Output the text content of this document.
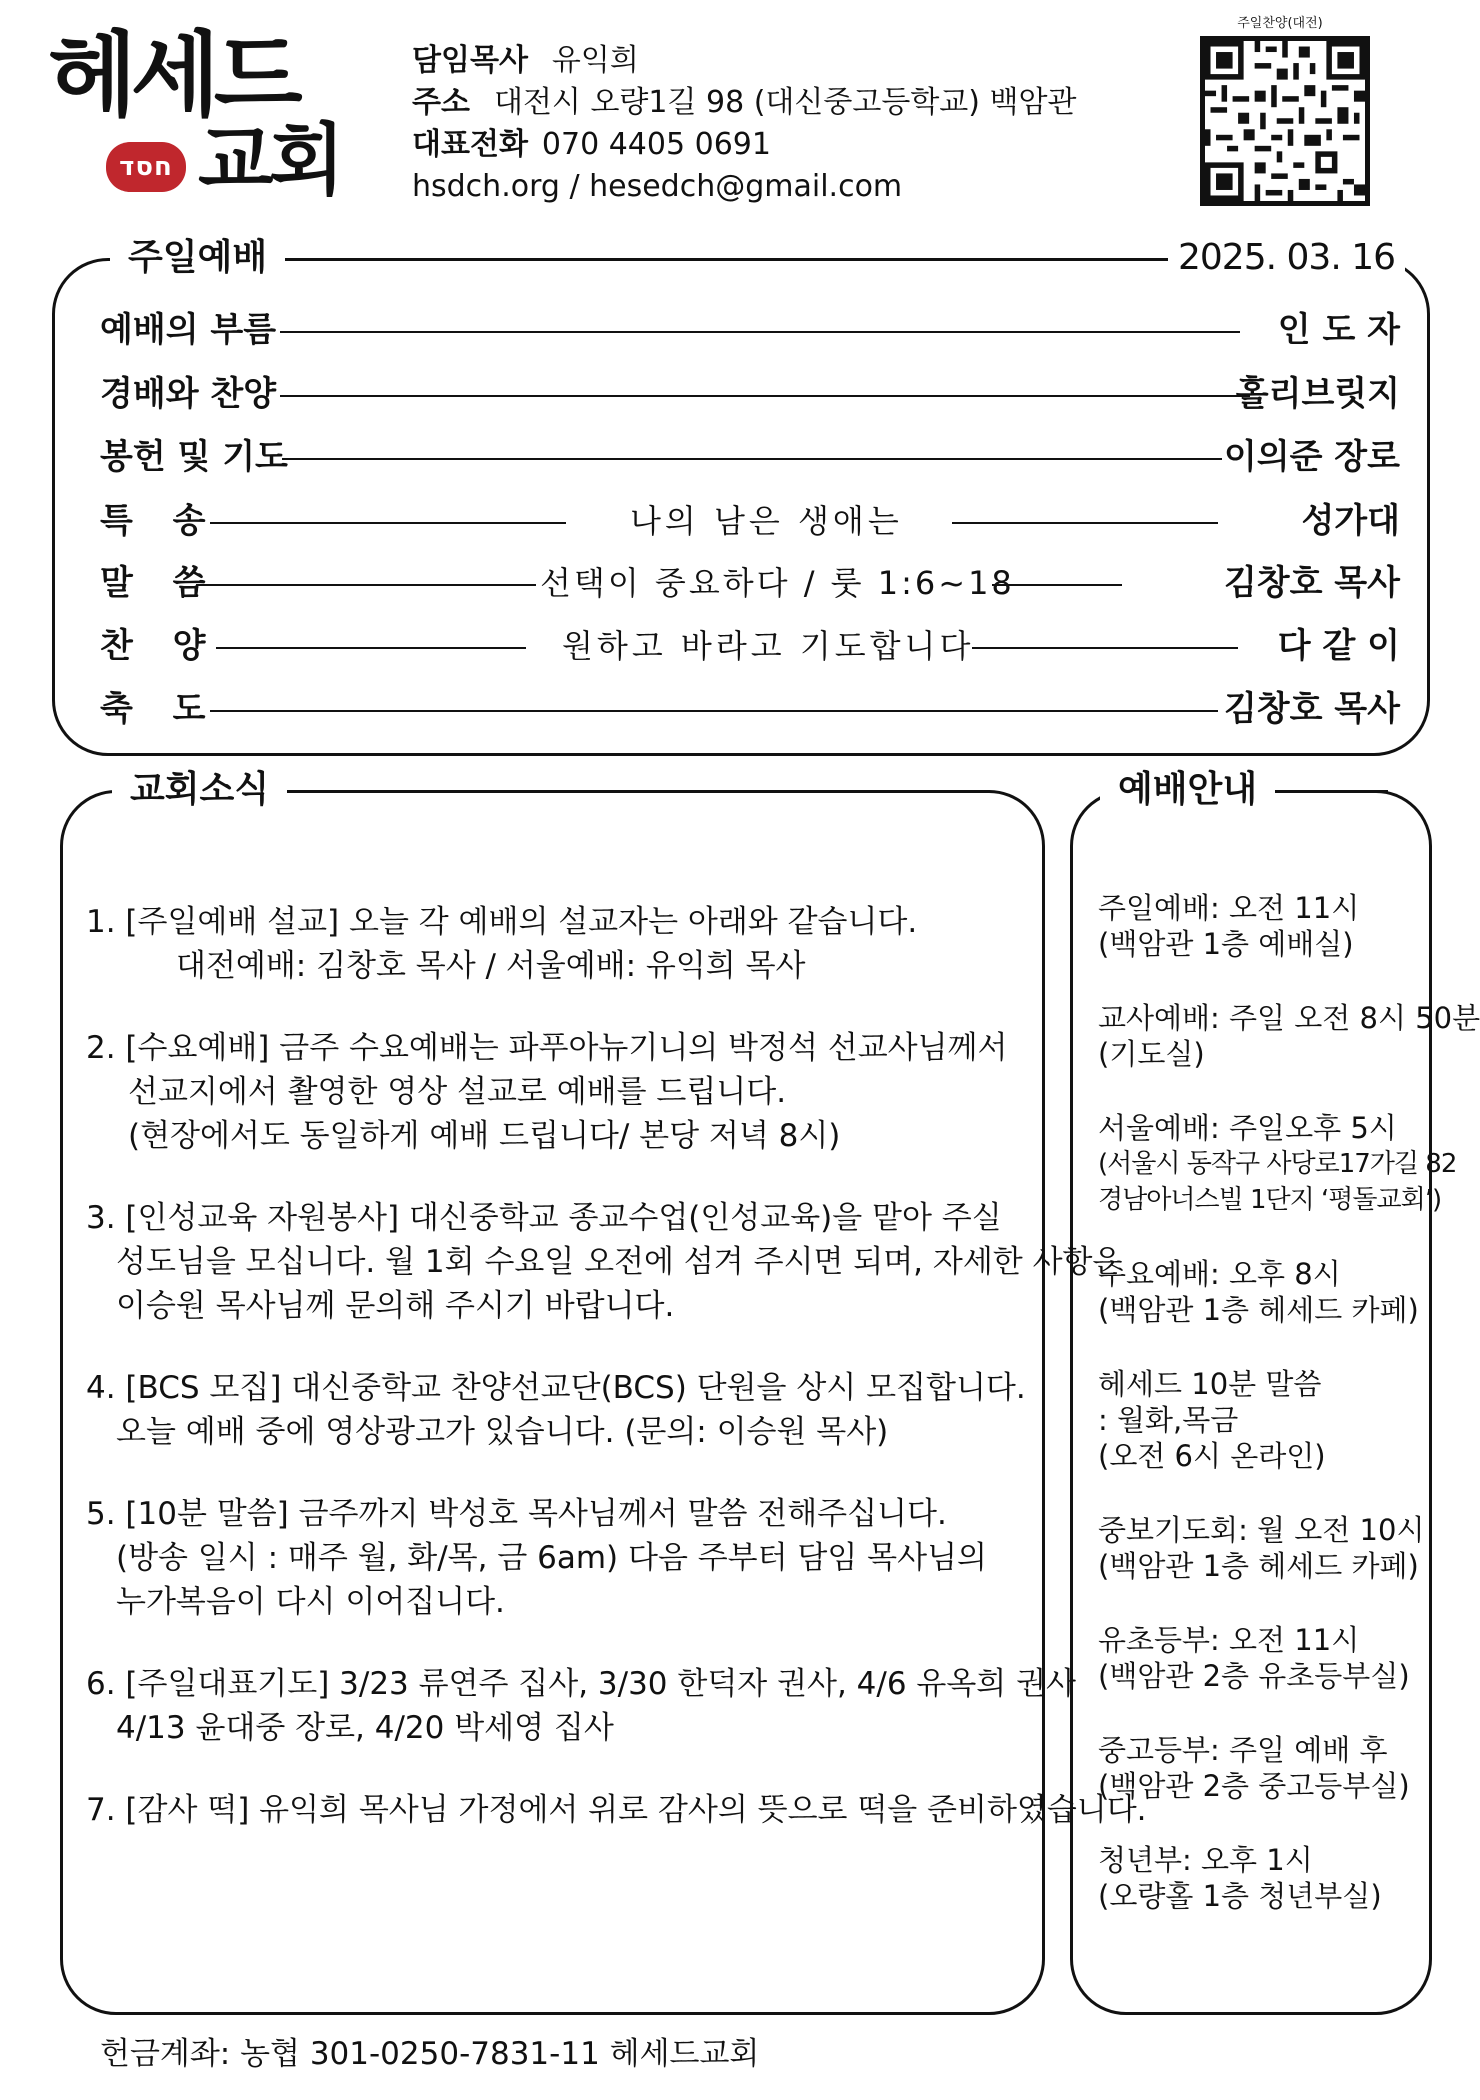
헤세드
חסד 교회
담임목사 유익희
주소 대전시 오량1길 98 (대신중고등학교) 백암관
대표전화 070 4405 0691
hsdch.org / hesedch@gmail.com
주일찬양(대전)
주일예배	2025. 03. 16
예배의 부름	인 도 자
경배와 찬양	홀리브릿지
봉헌 및 기도	이의준 장로
특 송	나의 남은 생애는	성가대
말 씀	선택이 중요하다 / 룻 1:6~18	김창호 목사
찬 양	원하고 바라고 기도합니다	다 같 이
축 도	김창호 목사
교회소식

1. [주일예배 설교] 오늘 각 예배의 설교자는 아래와 같습니다.

대전예배: 김창호 목사 / 서울예배: 유익희 목사

2. [수요예배] 금주 수요예배는 파푸아뉴기니의 박정석 선교사님께서

선교지에서 촬영한 영상 설교로 예배를 드립니다.

(현장에서도 동일하게 예배 드립니다/ 본당 저녁 8시)

3. [인성교육 자원봉사] 대신중학교 종교수업(인성교육)을 맡아 주실

성도님을 모십니다. 월 1회 수요일 오전에 섬겨 주시면 되며, 자세한 사항은

이승원 목사님께 문의해 주시기 바랍니다.

4. [BCS 모집] 대신중학교 찬양선교단(BCS) 단원을 상시 모집합니다.

오늘 예배 중에 영상광고가 있습니다. (문의: 이승원 목사)

5. [10분 말씀] 금주까지 박성호 목사님께서 말씀 전해주십니다.

(방송 일시 : 매주 월, 화/목, 금 6am) 다음 주부터 담임 목사님의

누가복음이 다시 이어집니다.

6. [주일대표기도] 3/23 류연주 집사, 3/30 한덕자 권사, 4/6 유옥희 권사

4/13 윤대중 장로, 4/20 박세영 집사

7. [감사 떡] 유익희 목사님 가정에서 위로 감사의 뜻으로 떡을 준비하였습니다.

예배안내

주일예배: 오전 11시

(백암관 1층 예배실)

교사예배: 주일 오전 8시 50분

(기도실)

서울예배: 주일오후 5시

(서울시 동작구 사당로17가길 82

경남아너스빌 1단지 ‘평돌교회’)

수요예배: 오후 8시

(백암관 1층 헤세드 카페)

헤세드 10분 말씀

: 월화,목금

(오전 6시 온라인)

중보기도회: 월 오전 10시

(백암관 1층 헤세드 카페)

유초등부: 오전 11시

(백암관 2층 유초등부실)

중고등부: 주일 예배 후

(백암관 2층 중고등부실)

청년부: 오후 1시

(오량홀 1층 청년부실)

헌금계좌: 농협 301-0250-7831-11 헤세드교회
